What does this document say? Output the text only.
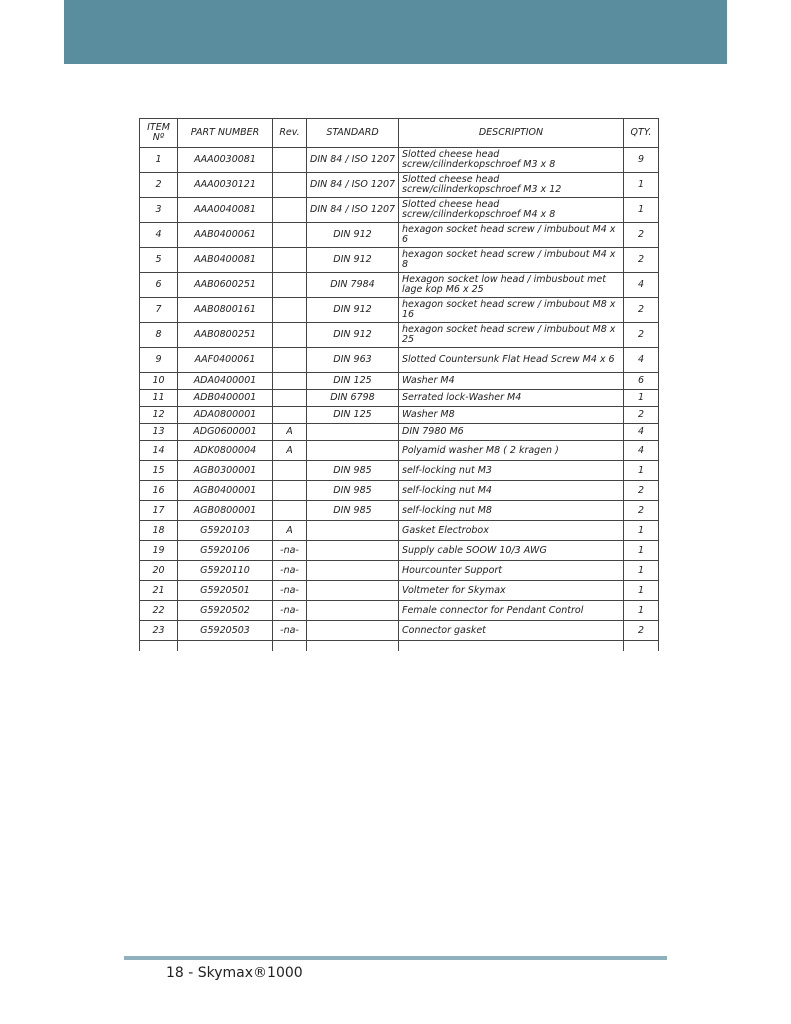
ITEM Nº	PART NUMBER	Rev.	STANDARD	DESCRIPTION	QTY.
1	AAA0030081		DIN 84 / ISO 1207	Slotted cheese head screw/cilinderkopschroef M3 x 8	9
2	AAA0030121		DIN 84 / ISO 1207	Slotted cheese head screw/cilinderkopschroef M3 x 12	1
3	AAA0040081		DIN 84 / ISO 1207	Slotted cheese head screw/cilinderkopschroef M4 x 8	1
4	AAB0400061		DIN 912	hexagon socket head screw / imbubout M4 x 6	2
5	AAB0400081		DIN 912	hexagon socket head screw / imbubout M4 x 8	2
6	AAB0600251		DIN 7984	Hexagon socket low head / imbusbout met lage kop M6 x 25	4
7	AAB0800161		DIN 912	hexagon socket head screw / imbubout M8 x 16	2
8	AAB0800251		DIN 912	hexagon socket head screw / imbubout M8 x 25	2
9	AAF0400061		DIN 963	Slotted Countersunk Flat Head Screw M4 x 6	4
10	ADA0400001		DIN 125	Washer M4	6
11	ADB0400001		DIN 6798	Serrated lock-Washer M4	1
12	ADA0800001		DIN 125	Washer M8	2
13	ADG0600001	A		DIN 7980 M6	4
14	ADK0800004	A		Polyamid washer M8 ( 2 kragen )	4
15	AGB0300001		DIN 985	self-locking nut M3	1
16	AGB0400001		DIN 985	self-locking nut M4	2
17	AGB0800001		DIN 985	self-locking nut M8	2
18	G5920103	A		Gasket Electrobox	1
19	G5920106	-na-		Supply cable SOOW 10/3 AWG	1
20	G5920110	-na-		Hourcounter Support	1
21	G5920501	-na-		Voltmeter for Skymax	1
22	G5920502	-na-		Female connector for Pendant Control	1
23	G5920503	-na-		Connector gasket	2

18 - Skymax®1000
